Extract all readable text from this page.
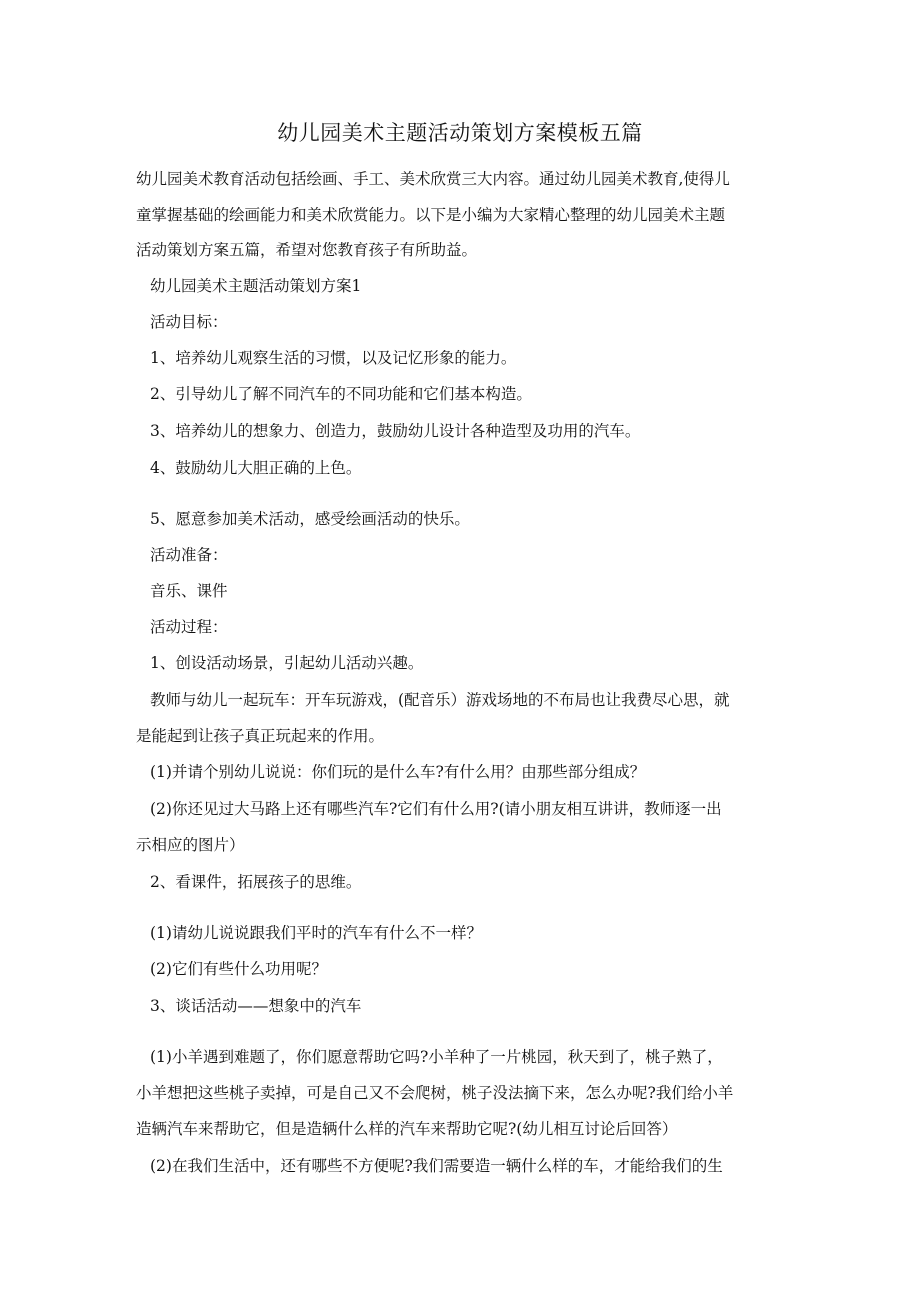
幼儿园美术主题活动策划方案模板五篇

幼儿园美术教育活动包括绘画、手工、美术欣赏三大内容。通过幼儿园美术教育,使得儿

童掌握基础的绘画能力和美术欣赏能力。以下是小编为大家精心整理的幼儿园美术主题

活动策划方案五篇，希望对您教育孩子有所助益。

幼儿园美术主题活动策划方案1

活动目标：

1、培养幼儿观察生活的习惯，以及记忆形象的能力。

2、引导幼儿了解不同汽车的不同功能和它们基本构造。

3、培养幼儿的想象力、创造力，鼓励幼儿设计各种造型及功用的汽车。

4、鼓励幼儿大胆正确的上色。

5、愿意参加美术活动，感受绘画活动的快乐。

活动准备：

音乐、课件

活动过程：

1、创设活动场景，引起幼儿活动兴趣。

教师与幼儿一起玩车：开车玩游戏，(配音乐）游戏场地的不布局也让我费尽心思，就

是能起到让孩子真正玩起来的作用。

(1)并请个别幼儿说说：你们玩的是什么车?有什么用？由那些部分组成？

(2)你还见过大马路上还有哪些汽车?它们有什么用?(请小朋友相互讲讲，教师逐一出

示相应的图片）

2、看课件，拓展孩子的思维。

(1)请幼儿说说跟我们平时的汽车有什么不一样？

(2)它们有些什么功用呢？

3、谈话活动——想象中的汽车

(1)小羊遇到难题了，你们愿意帮助它吗?小羊种了一片桃园，秋天到了，桃子熟了，

小羊想把这些桃子卖掉，可是自己又不会爬树，桃子没法摘下来，怎么办呢?我们给小羊

造辆汽车来帮助它，但是造辆什么样的汽车来帮助它呢?(幼儿相互讨论后回答）

(2)在我们生活中，还有哪些不方便呢?我们需要造一辆什么样的车，才能给我们的生
